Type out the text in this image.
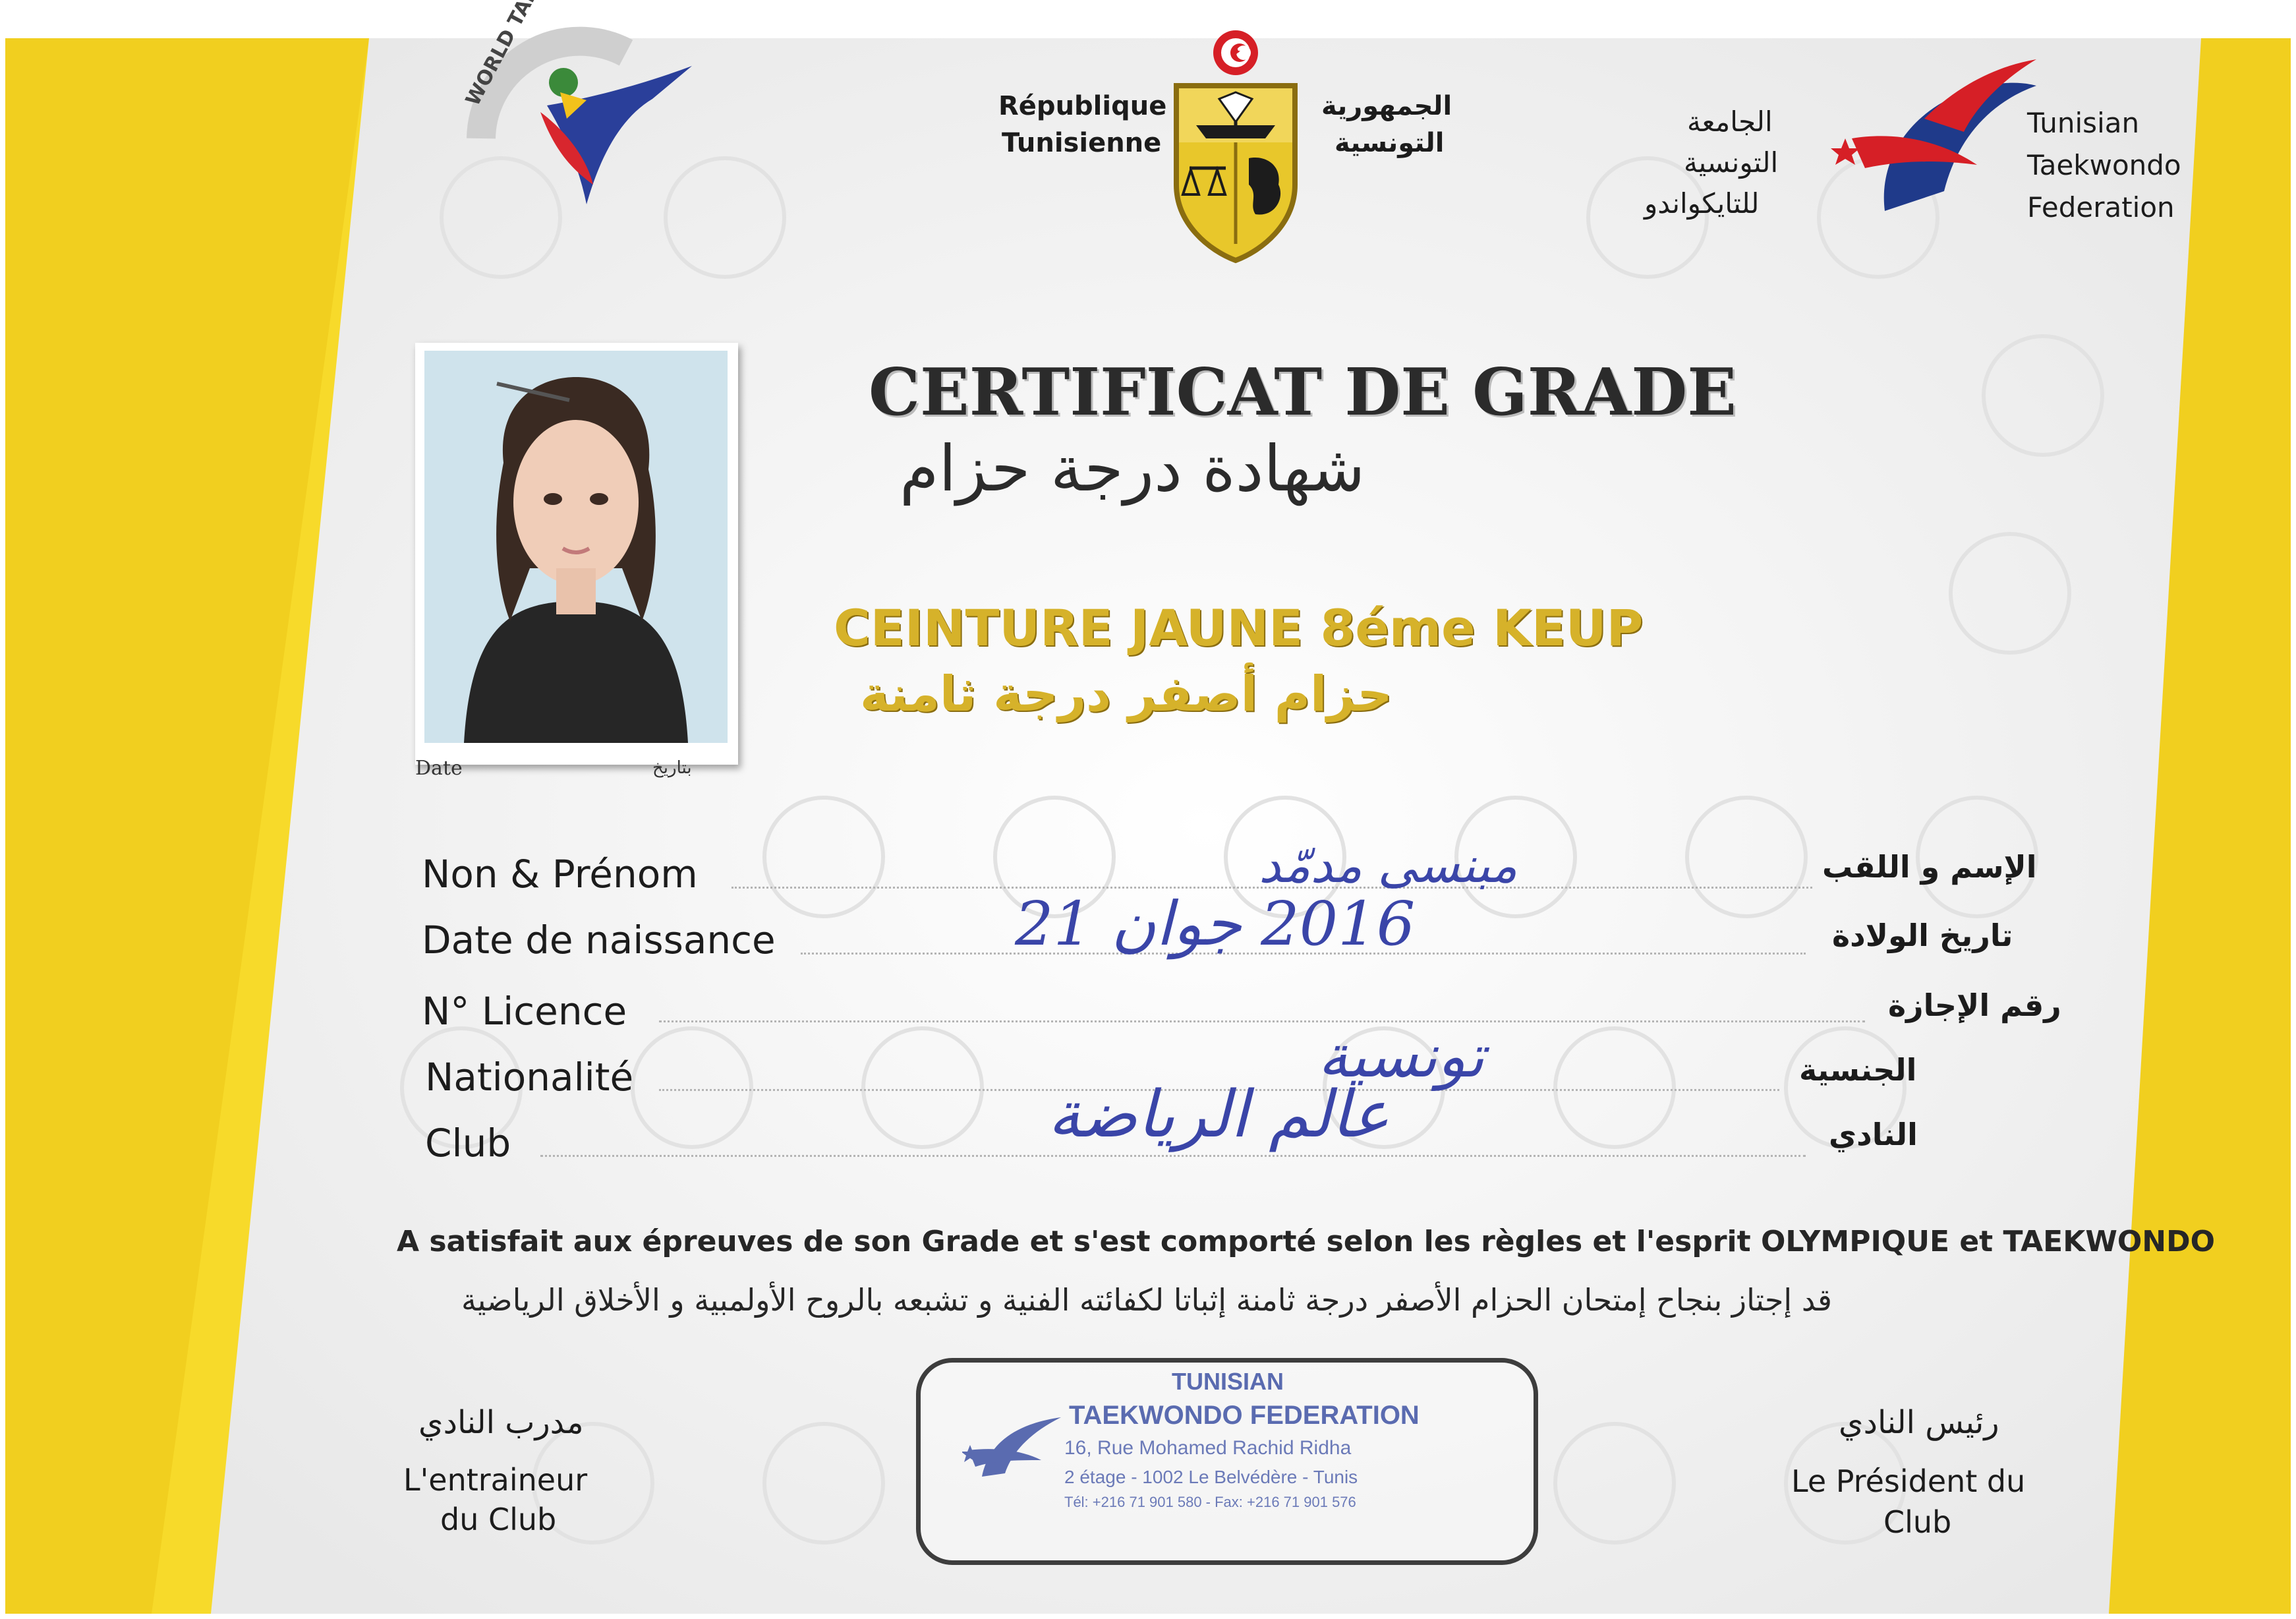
République
Tunisienne
الجمهورية
التونسية
الجامعة
التونسية
للتايكواندو
Tunisian
Taekwondo
Federation
Date	بتاريخ
CERTIFICAT DE GRADE
شهادة درجة حزام
CEINTURE JAUNE 8éme KEUP
حزام أصفر درجة ثامنة
Non & Prénom	مبنسى مدمّد	الإسم و اللقب
Date de naissance	2016 جوان 21	تاريخ الولادة
N° Licence	رقم الإجازة
Nationalité	تونسية	الجنسية
Club	عالم الرياضة	النادي
A satisfait aux épreuves de son Grade et s'est comporté selon les règles et l'esprit OLYMPIQUE et TAEKWONDO
قد إجتاز بنجاح إمتحان الحزام الأصفر درجة ثامنة إثباتا لكفائته الفنية و تشبعه بالروح الأولمبية و الأخلاق الرياضية
مدرب النادي
L'entraineur
du Club
رئيس النادي
Le Président du
Club
TUNISIAN
TAEKWONDO FEDERATION
16, Rue Mohamed Rachid Ridha
2 étage - 1002 Le Belvédère - Tunis
Tél: +216 71 901 580 - Fax: +216 71 901 576
